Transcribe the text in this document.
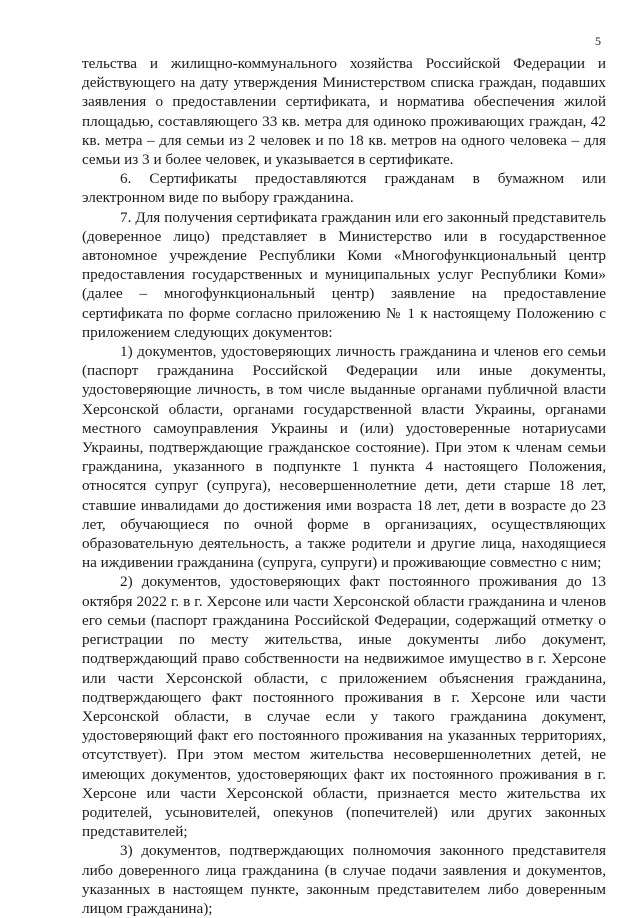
5

тельства и жилищно-коммунального хозяйства Российской Федерации и действующего на дату утверждения Министерством списка граждан, подавших заявления о предоставлении сертификата, и норматива обеспечения жилой площадью, составляющего 33 кв. метра для одиноко проживающих граждан, 42 кв. метра – для семьи из 2 человек и по 18 кв. метров на одного человека – для семьи из 3 и более человек, и указывается в сертификате.

6. Сертификаты предоставляются гражданам в бумажном или электронном виде по выбору гражданина.

7. Для получения сертификата гражданин или его законный представитель (доверенное лицо) представляет в Министерство или в государственное автономное учреждение Республики Коми «Многофункциональный центр предоставления государственных и муниципальных услуг Республики Коми» (далее – многофункциональный центр) заявление на предоставление сертификата по форме согласно приложению № 1 к настоящему Положению с приложением следующих документов:

1) документов, удостоверяющих личность гражданина и членов его семьи (паспорт гражданина Российской Федерации или иные документы, удостоверяющие личность, в том числе выданные органами публичной власти Херсонской области, органами государственной власти Украины, органами местного самоуправления Украины и (или) удостоверенные нотариусами Украины, подтверждающие гражданское состояние). При этом к членам семьи гражданина, указанного в подпункте 1 пункта 4 настоящего Положения, относятся супруг (супруга), несовершеннолетние дети, дети старше 18 лет, ставшие инвалидами до достижения ими возраста 18 лет, дети в возрасте до 23 лет, обучающиеся по очной форме в организациях, осуществляющих образовательную деятельность, а также родители и другие лица, находящиеся на иждивении гражданина (супруга, супруги) и проживающие совместно с ним;

2) документов, удостоверяющих факт постоянного проживания до 13 октября 2022 г. в г. Херсоне или части Херсонской области гражданина и членов его семьи (паспорт гражданина Российской Федерации, содержащий отметку о регистрации по месту жительства, иные документы либо документ, подтверждающий право собственности на недвижимое имущество в г. Херсоне или части Херсонской области, с приложением объяснения гражданина, подтверждающего факт постоянного проживания в г. Херсоне или части Херсонской области, в случае если у такого гражданина документ, удостоверяющий факт его постоянного проживания на указанных территориях, отсутствует). При этом местом жительства несовершеннолетних детей, не имеющих документов, удостоверяющих факт их постоянного проживания в г. Херсоне или части Херсонской области, признается место жительства их родителей, усыновителей, опекунов (попечителей) или других законных представителей;

3) документов, подтверждающих полномочия законного представителя либо доверенного лица гражданина (в случае подачи заявления и документов, указанных в настоящем пункте, законным представителем либо доверенным лицом гражданина);
